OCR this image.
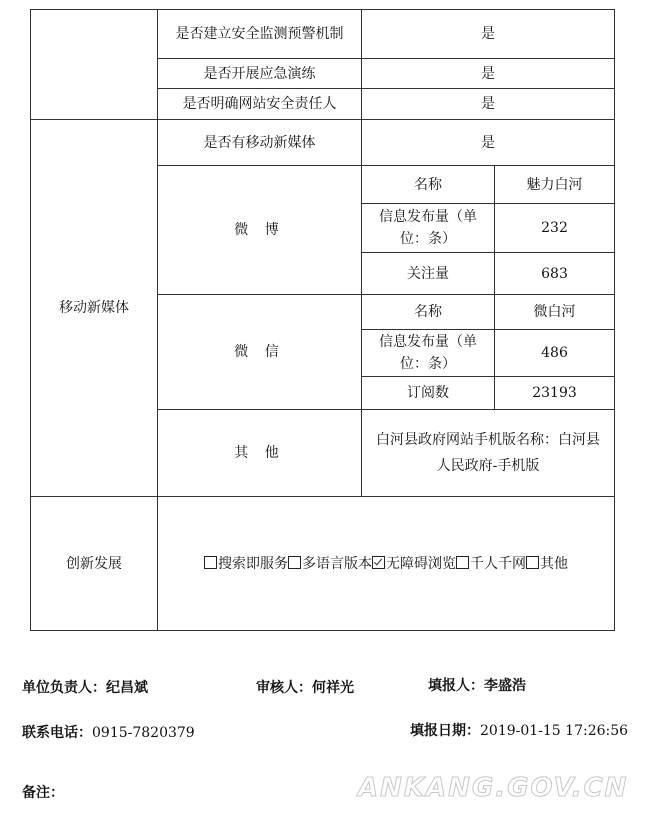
	是否建立安全监测预警机制	是	
	是否开展应急演练	是	
	是否明确网站安全责任人	是	
移动新媒体	是否有移动新媒体	是	
	微 博	名称	魅力白河
		信息发布量（单位：条）	232
		关注量	683
	微 信	名称	微白河
		信息发布量（单位：条）	486
		订阅数	23193
	其 他	白河县政府网站手机版名称：白河县人民政府-手机版	
创新发展	搜索即服务 多语言版本 无障碍浏览 千人千网 其他		
单位负责人：纪昌斌	审核人：何祥光	填报人：李盛浩
联系电话：0915-7820379	填报日期：2019-01-15 17:26:56
备注：	ANKANG.GOV.CN
